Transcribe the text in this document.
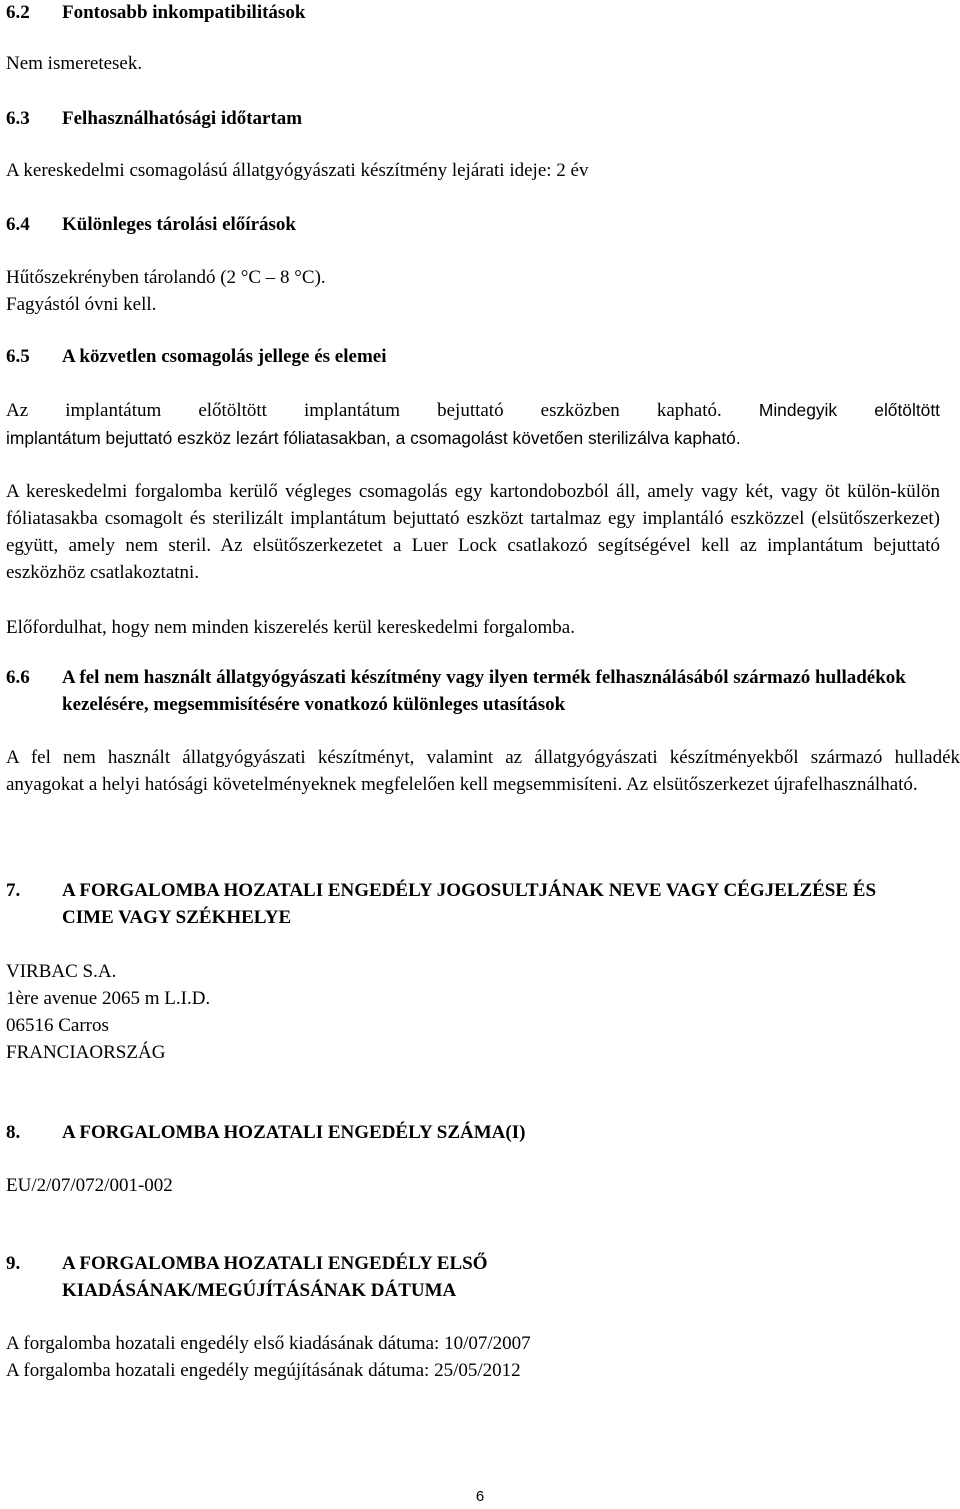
6.2 Fontosabb inkompatibilitások

Nem ismeretesek.

6.3 Felhasználhatósági időtartam

A kereskedelmi csomagolású állatgyógyászati készítmény lejárati ideje: 2 év

6.4 Különleges tárolási előírások

Hűtőszekrényben tárolandó (2 °C – 8 °C).

Fagyástól óvni kell.

6.5 A közvetlen csomagolás jellege és elemei

Az implantátum előtöltött implantátum bejuttató eszközben kapható. Mindegyik előtöltött

implantátum bejuttató eszköz lezárt fóliatasakban, a csomagolást követően sterilizálva kapható.

A kereskedelmi forgalomba kerülő végleges csomagolás egy kartondobozból áll, amely vagy két, vagy öt külön-külön fóliatasakba csomagolt és sterilizált implantátum bejuttató eszközt tartalmaz egy implantáló eszközzel (elsütőszerkezet) együtt, amely nem steril. Az elsütőszerkezetet a Luer Lock csatlakozó segítségével kell az implantátum bejuttató eszközhöz csatlakoztatni.

Előfordulhat, hogy nem minden kiszerelés kerül kereskedelmi forgalomba.

6.6	A fel nem használt állatgyógyászati készítmény vagy ilyen termék felhasználásából származó hulladékok kezelésére, megsemmisítésére vonatkozó különleges utasítások

A fel nem használt állatgyógyászati készítményt, valamint az állatgyógyászati készítményekből származó hulladék anyagokat a helyi hatósági követelményeknek megfelelően kell megsemmisíteni. Az elsütőszerkezet újrafelhasználható.

7.	A FORGALOMBA HOZATALI ENGEDÉLY JOGOSULTJÁNAK NEVE VAGY CÉGJELZÉSE ÉS CIME VAGY SZÉKHELYE

VIRBAC S.A.

1ère avenue 2065 m L.I.D.

06516 Carros

FRANCIAORSZÁG

8. A FORGALOMBA HOZATALI ENGEDÉLY SZÁMA(I)

EU/2/07/072/001-002

9.	A FORGALOMBA HOZATALI ENGEDÉLY ELSŐ KIADÁSÁNAK/MEGÚJÍTÁSÁNAK DÁTUMA

A forgalomba hozatali engedély első kiadásának dátuma: 10/07/2007

A forgalomba hozatali engedély megújításának dátuma: 25/05/2012

6
